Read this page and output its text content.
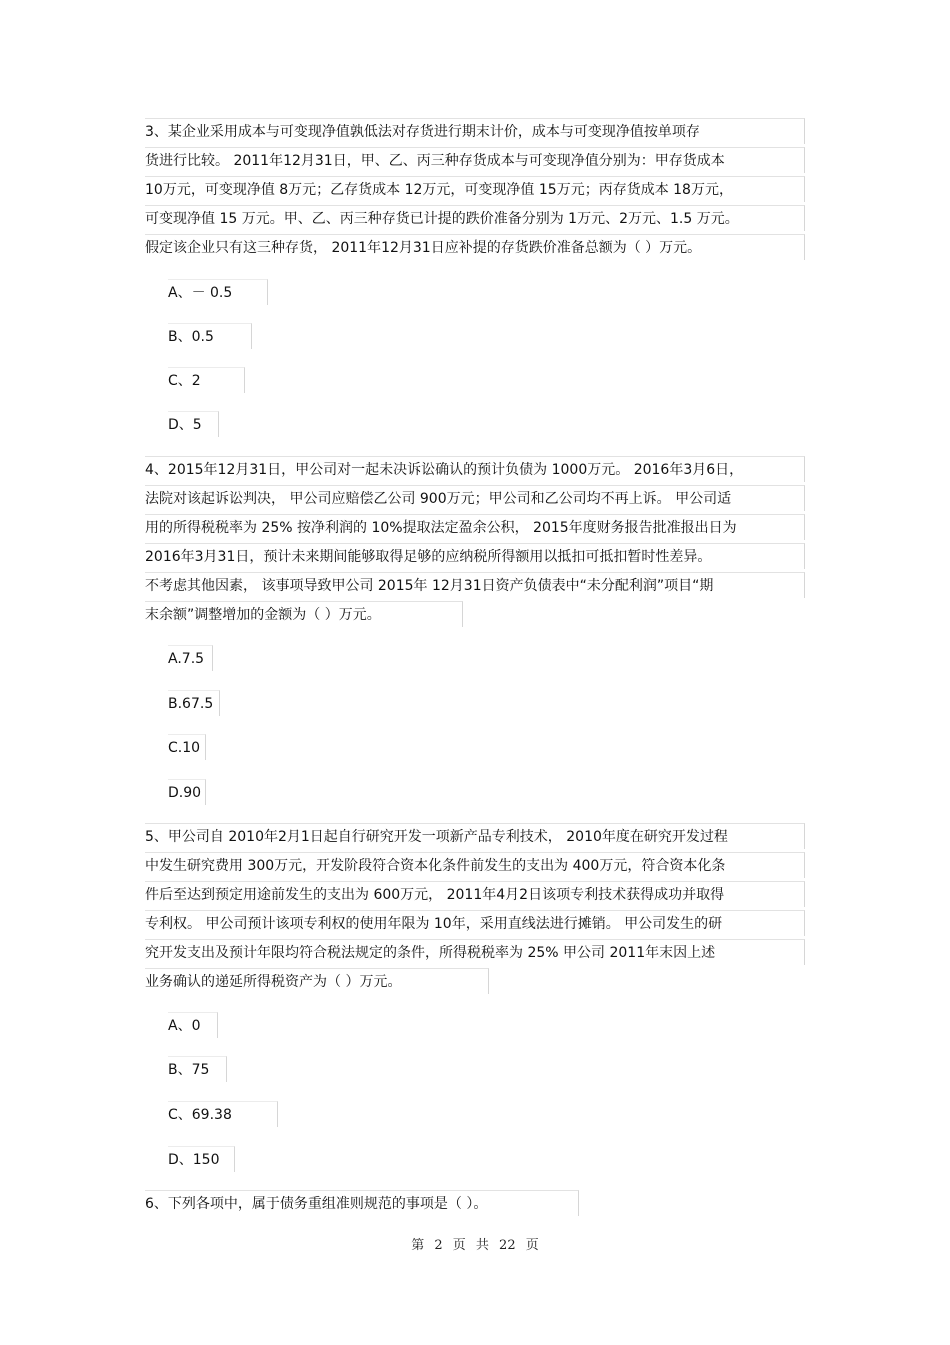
3、某企业采用成本与可变现净值孰低法对存货进行期末计价，成本与可变现净值按单项存
货进行比较。 2011年12月31日，甲、乙、丙三种存货成本与可变现净值分别为：甲存货成本
10万元，可变现净值 8万元；乙存货成本 12万元，可变现净值 15万元；丙存货成本 18万元，
可变现净值 15 万元。甲、乙、丙三种存货已计提的跌价准备分别为 1万元、2万元、1.5 万元。
假定该企业只有这三种存货， 2011年12月31日应补提的存货跌价准备总额为（ ）万元。
A、－ 0.5
B、0.5
C、2
D、5
4、2015年12月31日，甲公司对一起未决诉讼确认的预计负债为 1000万元。 2016年3月6日，
法院对该起诉讼判决， 甲公司应赔偿乙公司 900万元；甲公司和乙公司均不再上诉。 甲公司适
用的所得税税率为 25% 按净利润的 10%提取法定盈余公积， 2015年度财务报告批准报出日为
2016年3月31日，预计未来期间能够取得足够的应纳税所得额用以抵扣可抵扣暂时性差异。
不考虑其他因素， 该事项导致甲公司 2015年 12月31日资产负债表中“未分配利润”项目“期
末余额”调整增加的金额为（ ）万元。
A.7.5
B.67.5
C.10
D.90
5、甲公司自 2010年2月1日起自行研究开发一项新产品专利技术， 2010年度在研究开发过程
中发生研究费用 300万元，开发阶段符合资本化条件前发生的支出为 400万元，符合资本化条
件后至达到预定用途前发生的支出为 600万元， 2011年4月2日该项专利技术获得成功并取得
专利权。 甲公司预计该项专利权的使用年限为 10年，采用直线法进行摊销。 甲公司发生的研
究开发支出及预计年限均符合税法规定的条件，所得税税率为 25% 甲公司 2011年末因上述
业务确认的递延所得税资产为（ ）万元。
A、0
B、75
C、69.38
D、150
6、下列各项中，属于债务重组准则规范的事项是（ ）。
第 2 页 共 22 页
